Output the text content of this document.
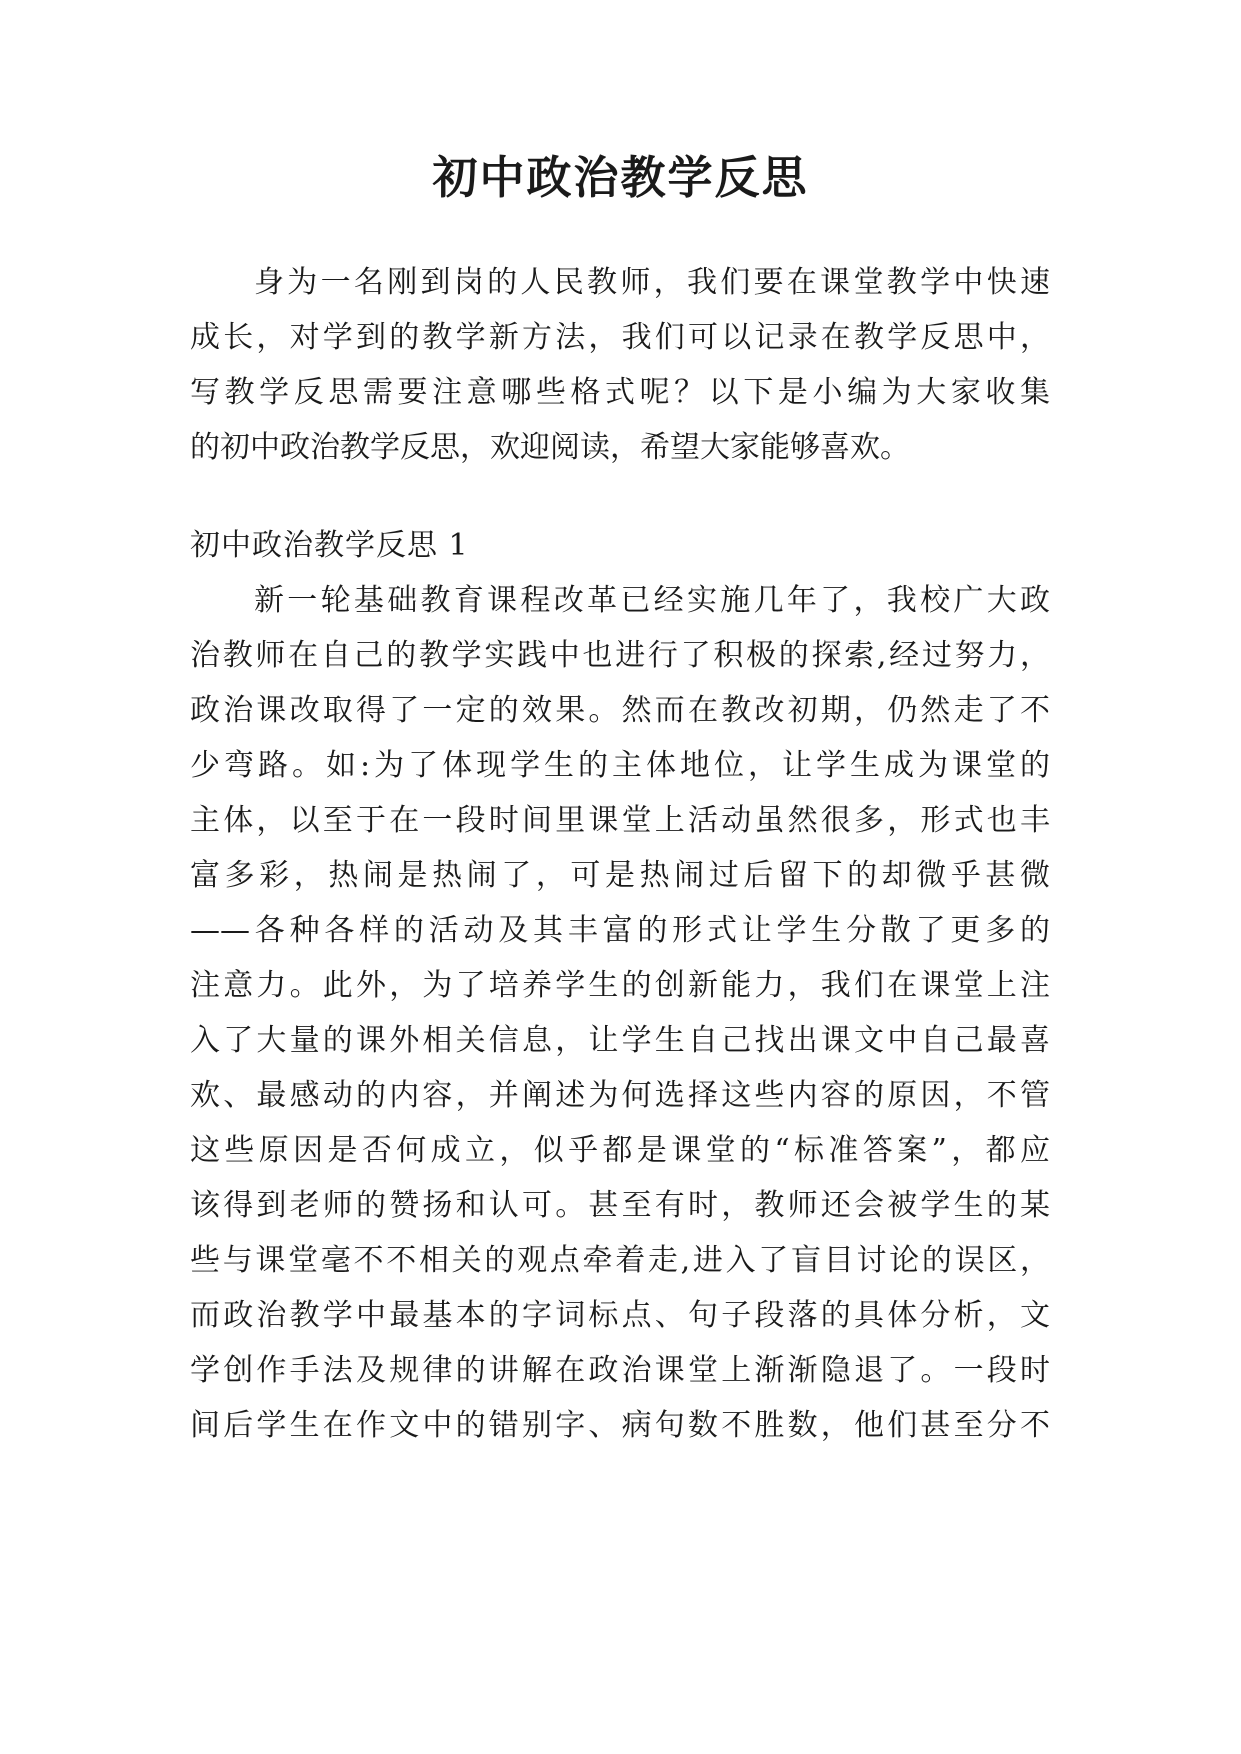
初中政治教学反思
身为一名刚到岗的人民教师，我们要在课堂教学中快速
成长，对学到的教学新方法，我们可以记录在教学反思中，
写教学反思需要注意哪些格式呢？以下是小编为大家收集
的初中政治教学反思，欢迎阅读，希望大家能够喜欢。
初中政治教学反思 1
新一轮基础教育课程改革已经实施几年了，我校广大政
治教师在自己的教学实践中也进行了积极的探索,经过努力，
政治课改取得了一定的效果。然而在教改初期，仍然走了不
少弯路。如:为了体现学生的主体地位，让学生成为课堂的
主体，以至于在一段时间里课堂上活动虽然很多，形式也丰
富多彩，热闹是热闹了，可是热闹过后留下的却微乎甚微
——各种各样的活动及其丰富的形式让学生分散了更多的
注意力。此外，为了培养学生的创新能力，我们在课堂上注
入了大量的课外相关信息，让学生自己找出课文中自己最喜
欢、最感动的内容，并阐述为何选择这些内容的原因，不管
这些原因是否何成立，似乎都是课堂的“标准答案”，都应
该得到老师的赞扬和认可。甚至有时，教师还会被学生的某
些与课堂毫不不相关的观点牵着走,进入了盲目讨论的误区，
而政治教学中最基本的字词标点、句子段落的具体分析，文
学创作手法及规律的讲解在政治课堂上渐渐隐退了。一段时
间后学生在作文中的错别字、病句数不胜数，他们甚至分不
